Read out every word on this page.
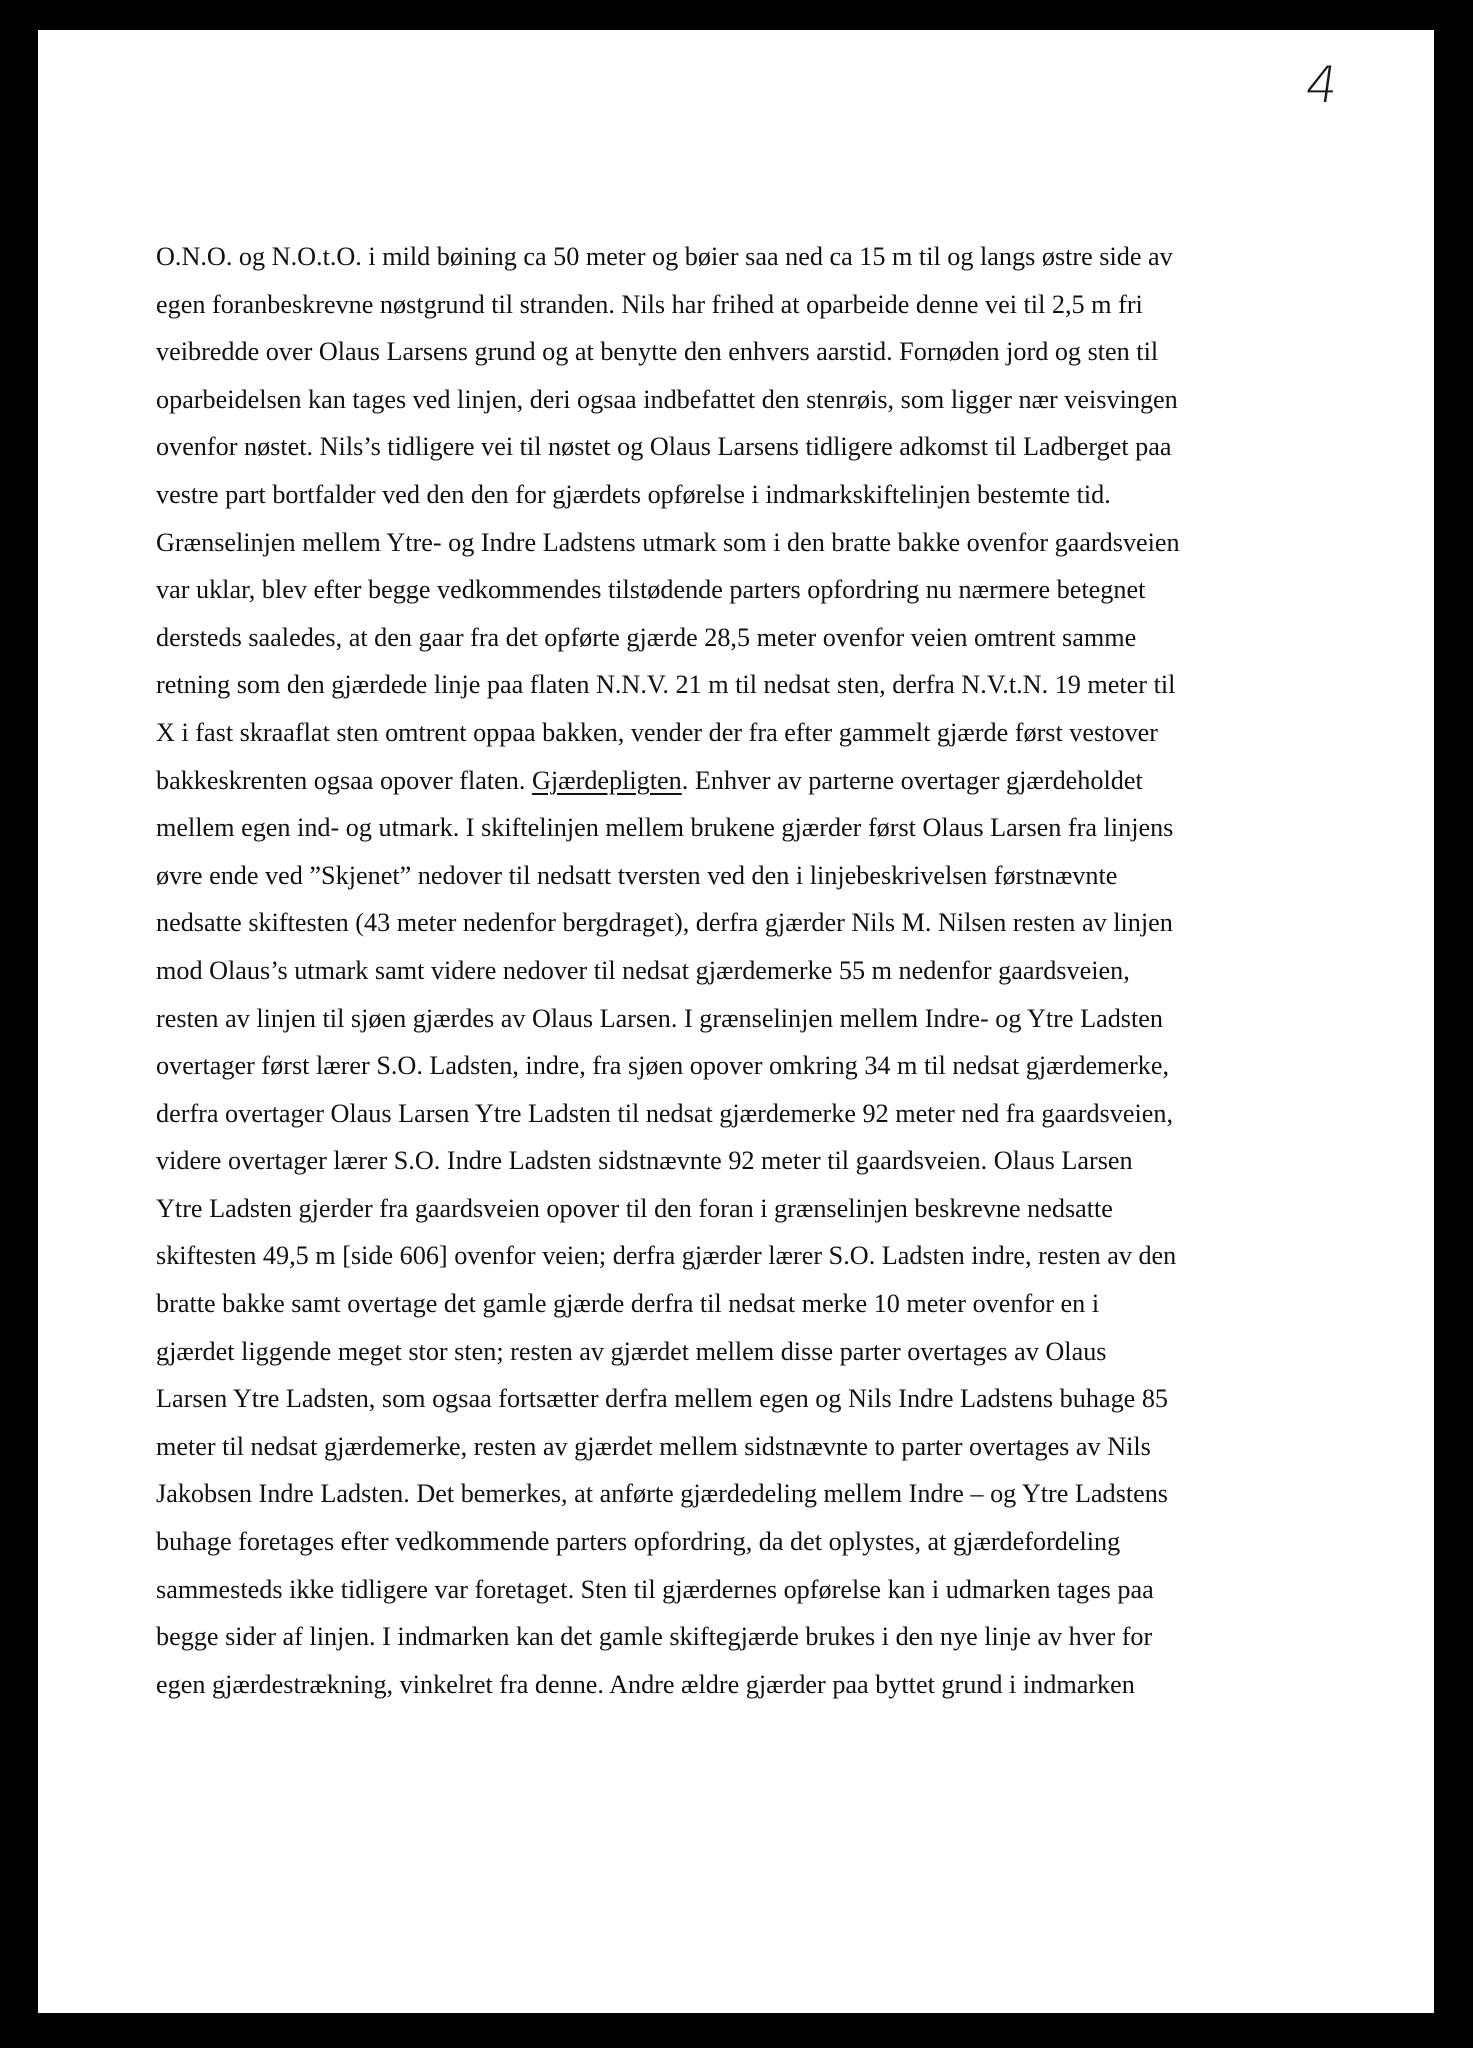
4
O.N.O. og N.O.t.O. i mild bøining ca 50 meter og bøier saa ned ca 15 m til og langs østre side av
egen foranbeskrevne nøstgrund til stranden. Nils har frihed at oparbeide denne vei til 2,5 m fri
veibredde over Olaus Larsens grund og at benytte den enhvers aarstid. Fornøden jord og sten til
oparbeidelsen kan tages ved linjen, deri ogsaa indbefattet den stenrøis, som ligger nær veisvingen
ovenfor nøstet. Nils’s tidligere vei til nøstet og Olaus Larsens tidligere adkomst til Ladberget paa
vestre part bortfalder ved den den for gjærdets opførelse i indmarkskiftelinjen bestemte tid.
Grænselinjen mellem Ytre- og Indre Ladstens utmark som i den bratte bakke ovenfor gaardsveien
var uklar, blev efter begge vedkommendes tilstødende parters opfordring nu nærmere betegnet
dersteds saaledes, at den gaar fra det opførte gjærde 28,5 meter ovenfor veien omtrent samme
retning som den gjærdede linje paa flaten N.N.V. 21 m til nedsat sten, derfra N.V.t.N. 19 meter til
X i fast skraaflat sten omtrent oppaa bakken, vender der fra efter gammelt gjærde først vestover
bakkeskrenten ogsaa opover flaten. Gjærdepligten. Enhver av parterne overtager gjærdeholdet
mellem egen ind- og utmark. I skiftelinjen mellem brukene gjærder først Olaus Larsen fra linjens
øvre ende ved ”Skjenet” nedover til nedsatt tversten ved den i linjebeskrivelsen førstnævnte
nedsatte skiftesten (43 meter nedenfor bergdraget), derfra gjærder Nils M. Nilsen resten av linjen
mod Olaus’s utmark samt videre nedover til nedsat gjærdemerke 55 m nedenfor gaardsveien,
resten av linjen til sjøen gjærdes av Olaus Larsen. I grænselinjen mellem Indre- og Ytre Ladsten
overtager først lærer S.O. Ladsten, indre, fra sjøen opover omkring 34 m til nedsat gjærdemerke,
derfra overtager Olaus Larsen Ytre Ladsten til nedsat gjærdemerke 92 meter ned fra gaardsveien,
videre overtager lærer S.O. Indre Ladsten sidstnævnte 92 meter til gaardsveien. Olaus Larsen
Ytre Ladsten gjerder fra gaardsveien opover til den foran i grænselinjen beskrevne nedsatte
skiftesten 49,5 m [side 606] ovenfor veien; derfra gjærder lærer S.O. Ladsten indre, resten av den
bratte bakke samt overtage det gamle gjærde derfra til nedsat merke 10 meter ovenfor en i
gjærdet liggende meget stor sten; resten av gjærdet mellem disse parter overtages av Olaus
Larsen Ytre Ladsten, som ogsaa fortsætter derfra mellem egen og Nils Indre Ladstens buhage 85
meter til nedsat gjærdemerke, resten av gjærdet mellem sidstnævnte to parter overtages av Nils
Jakobsen Indre Ladsten. Det bemerkes, at anførte gjærdedeling mellem Indre – og Ytre Ladstens
buhage foretages efter vedkommende parters opfordring, da det oplystes, at gjærdefordeling
sammesteds ikke tidligere var foretaget. Sten til gjærdernes opførelse kan i udmarken tages paa
begge sider af linjen. I indmarken kan det gamle skiftegjærde brukes i den nye linje av hver for
egen gjærdestrækning, vinkelret fra denne. Andre ældre gjærder paa byttet grund i indmarken
